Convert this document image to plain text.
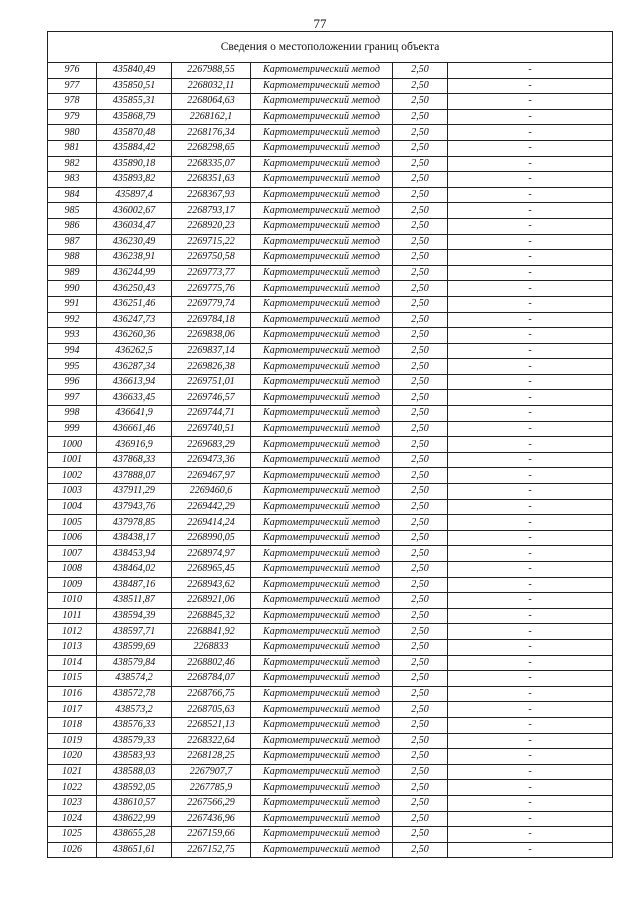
77
Сведения о местоположении границ объекта					
976	435840,49	2267988,55	Картометрический метод	2,50	-
977	435850,51	2268032,11	Картометрический метод	2,50	-
978	435855,31	2268064,63	Картометрический метод	2,50	-
979	435868,79	2268162,1	Картометрический метод	2,50	-
980	435870,48	2268176,34	Картометрический метод	2,50	-
981	435884,42	2268298,65	Картометрический метод	2,50	-
982	435890,18	2268335,07	Картометрический метод	2,50	-
983	435893,82	2268351,63	Картометрический метод	2,50	-
984	435897,4	2268367,93	Картометрический метод	2,50	-
985	436002,67	2268793,17	Картометрический метод	2,50	-
986	436034,47	2268920,23	Картометрический метод	2,50	-
987	436230,49	2269715,22	Картометрический метод	2,50	-
988	436238,91	2269750,58	Картометрический метод	2,50	-
989	436244,99	2269773,77	Картометрический метод	2,50	-
990	436250,43	2269775,76	Картометрический метод	2,50	-
991	436251,46	2269779,74	Картометрический метод	2,50	-
992	436247,73	2269784,18	Картометрический метод	2,50	-
993	436260,36	2269838,06	Картометрический метод	2,50	-
994	436262,5	2269837,14	Картометрический метод	2,50	-
995	436287,34	2269826,38	Картометрический метод	2,50	-
996	436613,94	2269751,01	Картометрический метод	2,50	-
997	436633,45	2269746,57	Картометрический метод	2,50	-
998	436641,9	2269744,71	Картометрический метод	2,50	-
999	436661,46	2269740,51	Картометрический метод	2,50	-
1000	436916,9	2269683,29	Картометрический метод	2,50	-
1001	437868,33	2269473,36	Картометрический метод	2,50	-
1002	437888,07	2269467,97	Картометрический метод	2,50	-
1003	437911,29	2269460,6	Картометрический метод	2,50	-
1004	437943,76	2269442,29	Картометрический метод	2,50	-
1005	437978,85	2269414,24	Картометрический метод	2,50	-
1006	438438,17	2268990,05	Картометрический метод	2,50	-
1007	438453,94	2268974,97	Картометрический метод	2,50	-
1008	438464,02	2268965,45	Картометрический метод	2,50	-
1009	438487,16	2268943,62	Картометрический метод	2,50	-
1010	438511,87	2268921,06	Картометрический метод	2,50	-
1011	438594,39	2268845,32	Картометрический метод	2,50	-
1012	438597,71	2268841,92	Картометрический метод	2,50	-
1013	438599,69	2268833	Картометрический метод	2,50	-
1014	438579,84	2268802,46	Картометрический метод	2,50	-
1015	438574,2	2268784,07	Картометрический метод	2,50	-
1016	438572,78	2268766,75	Картометрический метод	2,50	-
1017	438573,2	2268705,63	Картометрический метод	2,50	-
1018	438576,33	2268521,13	Картометрический метод	2,50	-
1019	438579,33	2268322,64	Картометрический метод	2,50	-
1020	438583,93	2268128,25	Картометрический метод	2,50	-
1021	438588,03	2267907,7	Картометрический метод	2,50	-
1022	438592,05	2267785,9	Картометрический метод	2,50	-
1023	438610,57	2267566,29	Картометрический метод	2,50	-
1024	438622,99	2267436,96	Картометрический метод	2,50	-
1025	438655,28	2267159,66	Картометрический метод	2,50	-
1026	438651,61	2267152,75	Картометрический метод	2,50	-
